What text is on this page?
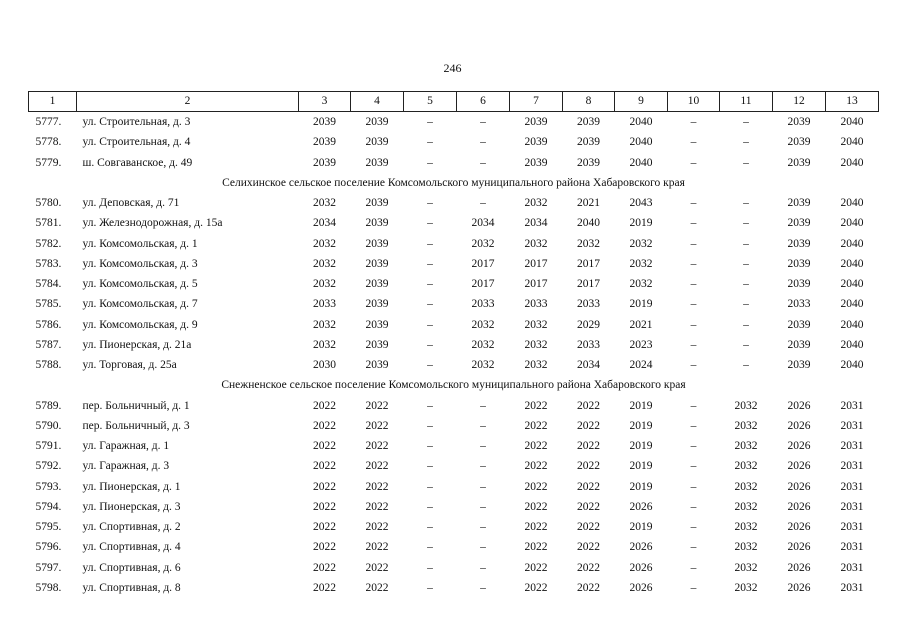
246
1	2	3	4	5	6	7	8	9	10	11	12	13
5777.	ул. Строительная, д. 3	2039	2039	–	–	2039	2039	2040	–	–	2039	2040
5778.	ул. Строительная, д. 4	2039	2039	–	–	2039	2039	2040	–	–	2039	2040
5779.	ш. Совгаванское, д. 49	2039	2039	–	–	2039	2039	2040	–	–	2039	2040
Селихинское сельское поселение Комсомольского муниципального района Хабаровского края												
5780.	ул. Деповская, д. 71	2032	2039	–	–	2032	2021	2043	–	–	2039	2040
5781.	ул. Железнодорожная, д. 15а	2034	2039	–	2034	2034	2040	2019	–	–	2039	2040
5782.	ул. Комсомольская, д. 1	2032	2039	–	2032	2032	2032	2032	–	–	2039	2040
5783.	ул. Комсомольская, д. 3	2032	2039	–	2017	2017	2017	2032	–	–	2039	2040
5784.	ул. Комсомольская, д. 5	2032	2039	–	2017	2017	2017	2032	–	–	2039	2040
5785.	ул. Комсомольская, д. 7	2033	2039	–	2033	2033	2033	2019	–	–	2033	2040
5786.	ул. Комсомольская, д. 9	2032	2039	–	2032	2032	2029	2021	–	–	2039	2040
5787.	ул. Пионерская, д. 21а	2032	2039	–	2032	2032	2033	2023	–	–	2039	2040
5788.	ул. Торговая, д. 25а	2030	2039	–	2032	2032	2034	2024	–	–	2039	2040
Снежненское сельское поселение Комсомольского муниципального района Хабаровского края												
5789.	пер. Больничный, д. 1	2022	2022	–	–	2022	2022	2019	–	2032	2026	2031
5790.	пер. Больничный, д. 3	2022	2022	–	–	2022	2022	2019	–	2032	2026	2031
5791.	ул. Гаражная, д. 1	2022	2022	–	–	2022	2022	2019	–	2032	2026	2031
5792.	ул. Гаражная, д. 3	2022	2022	–	–	2022	2022	2019	–	2032	2026	2031
5793.	ул. Пионерская, д. 1	2022	2022	–	–	2022	2022	2019	–	2032	2026	2031
5794.	ул. Пионерская, д. 3	2022	2022	–	–	2022	2022	2026	–	2032	2026	2031
5795.	ул. Спортивная, д. 2	2022	2022	–	–	2022	2022	2019	–	2032	2026	2031
5796.	ул. Спортивная, д. 4	2022	2022	–	–	2022	2022	2026	–	2032	2026	2031
5797.	ул. Спортивная, д. 6	2022	2022	–	–	2022	2022	2026	–	2032	2026	2031
5798.	ул. Спортивная, д. 8	2022	2022	–	–	2022	2022	2026	–	2032	2026	2031
